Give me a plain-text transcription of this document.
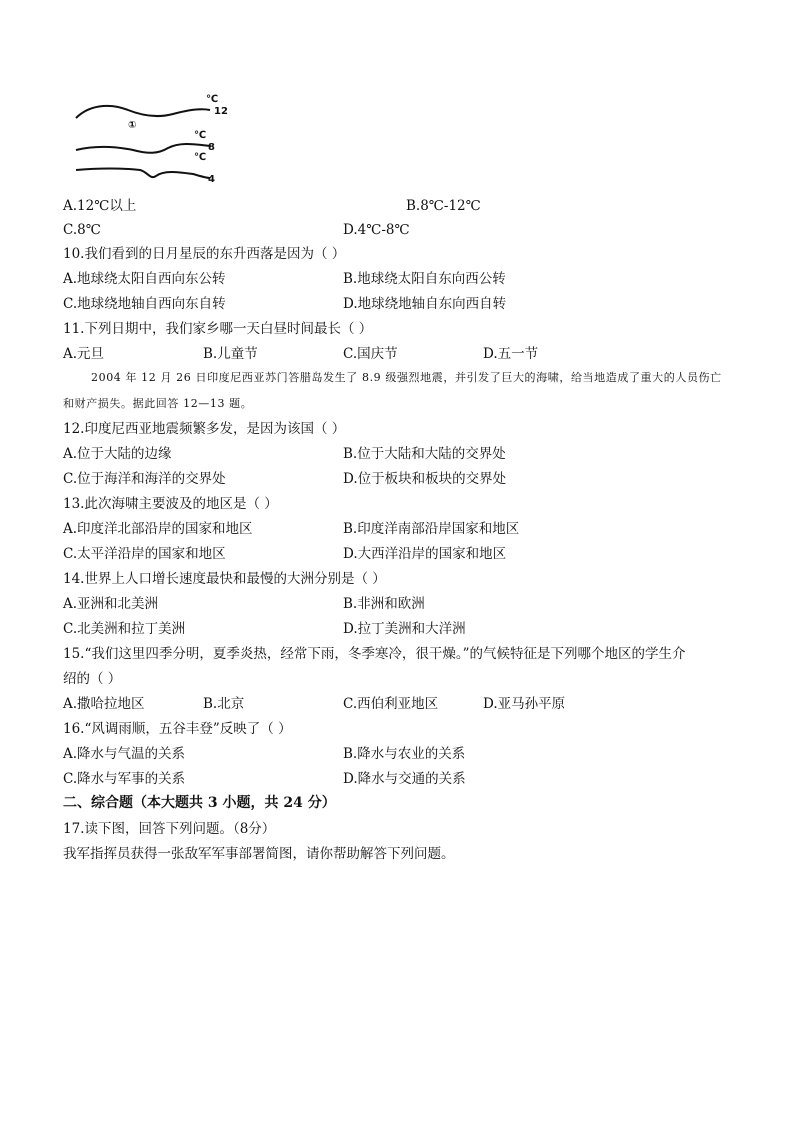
①
℃
12
℃
8
℃
4
A.12℃以上	B.8℃-12℃
C.8℃	D.4℃-8℃
10.我们看到的日月星辰的东升西落是因为（ ）
A.地球绕太阳自西向东公转	B.地球绕太阳自东向西公转
C.地球绕地轴自西向东自转	D.地球绕地轴自东向西自转
11.下列日期中，我们家乡哪一天白昼时间最长（ ）
A.元旦	B.儿童节	C.国庆节	D.五一节
2004 年 12 月 26 日印度尼西亚苏门答腊岛发生了 8.9 级强烈地震，并引发了巨大的海啸，给当地造成了重大的人员伤亡和财产损失。据此回答 12—13 题。
12.印度尼西亚地震频繁多发，是因为该国（ ）
A.位于大陆的边缘	B.位于大陆和大陆的交界处
C.位于海洋和海洋的交界处	D.位于板块和板块的交界处
13.此次海啸主要波及的地区是（ ）
A.印度洋北部沿岸的国家和地区	B.印度洋南部沿岸国家和地区
C.太平洋沿岸的国家和地区	D.大西洋沿岸的国家和地区
14.世界上人口增长速度最快和最慢的大洲分别是（ ）
A.亚洲和北美洲	B.非洲和欧洲
C.北美洲和拉丁美洲	D.拉丁美洲和大洋洲
15.“我们这里四季分明，夏季炎热，经常下雨，冬季寒冷，很干燥。”的气候特征是下列哪个地区的学生介
绍的（ ）
A.撒哈拉地区	B.北京	C.西伯利亚地区	D.亚马孙平原
16.“风调雨顺，五谷丰登”反映了（ ）
A.降水与气温的关系	B.降水与农业的关系
C.降水与军事的关系	D.降水与交通的关系
二、综合题（本大题共 3 小题，共 24 分）
17.读下图，回答下列问题。（8分）
我军指挥员获得一张敌军军事部署简图，请你帮助解答下列问题。
